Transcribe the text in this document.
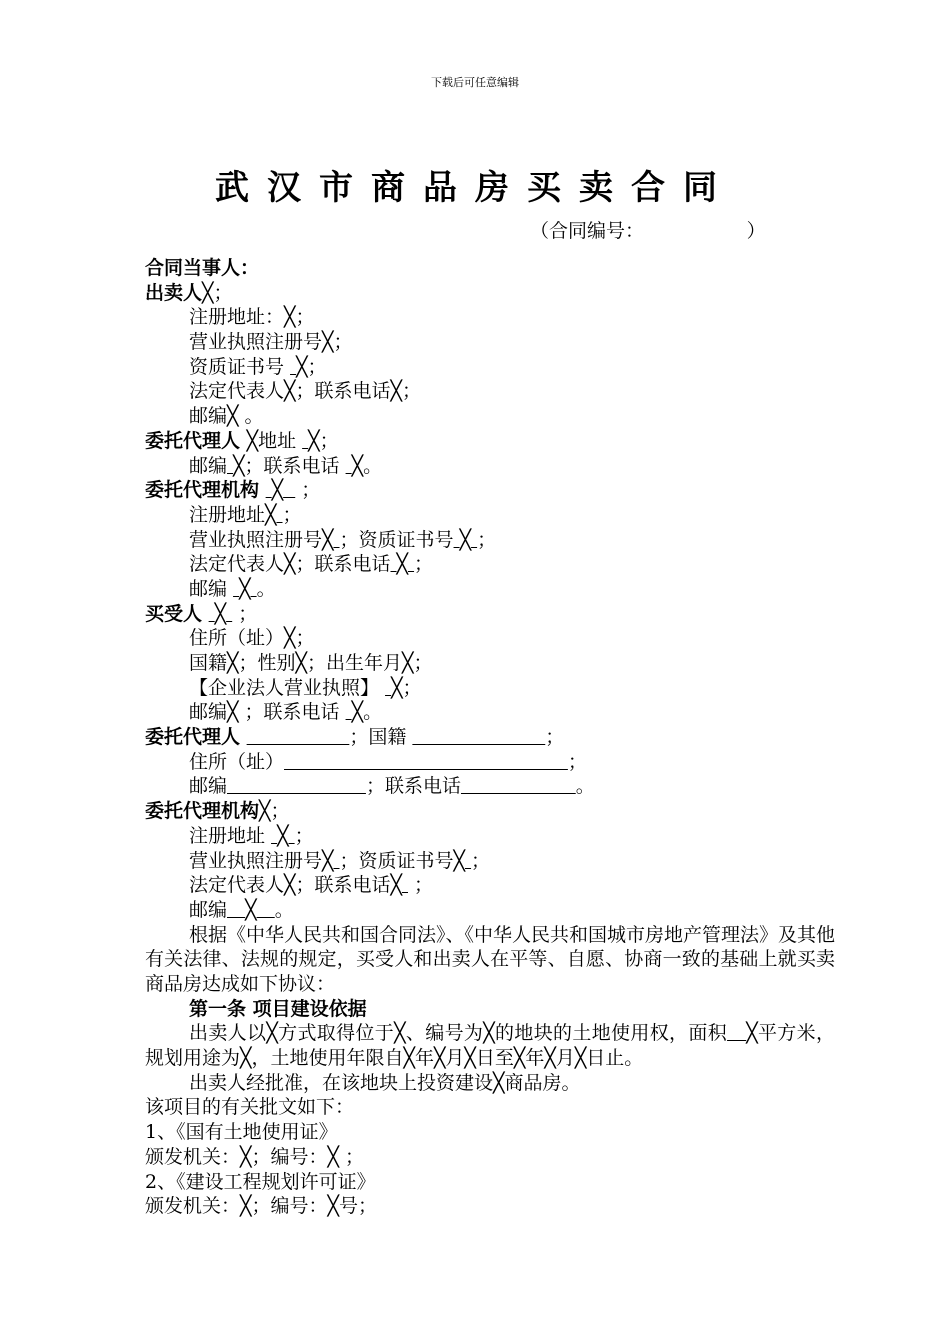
下载后可任意编辑
武汉市商品房买卖合同
（合同编号：                 ）
合同当事人：
出卖人╳；
注册地址：╳；
营业执照注册号╳；
资质证书号  ╳；
法定代表人╳；联系电话╳；
邮编╳ 。
委托代理人 ╳地址  ╳；
邮编 ╳；联系电话  ╳。
委托代理机构  ╳   ；
注册地址╳ ；
营业执照注册号╳ ；资质证书号 ╳ ；
法定代表人╳；联系电话 ╳ ；
邮编  ╳ 。
买受人  ╳  ；
住所（址）╳；
国籍╳；性别╳；出生年月╳；
【企业法人营业执照】  ╳；
邮编╳ ；联系电话  ╳。
委托代理人	；国籍	；
住所（址）	；
邮编	；联系电话	。
委托代理机构╳；
注册地址  ╳ ；
营业执照注册号╳ ；资质证书号╳ ；
法定代表人╳；联系电话╳  ；
邮编 ╳ 。
根据《中华人民共和国合同法》、《中华人民共和国城市房地产管理法》及其他有关法律、法规的规定，买受人和出卖人在平等、自愿、协商一致的基础上就买卖商品房达成如下协议：
第一条 项目建设依据
出卖人以╳方式取得位于╳、编号为╳的地块的土地使用权，面积 ╳平方米，规划用途为╳，土地使用年限自╳年╳月╳日至╳年╳月╳日止。
出卖人经批准，在该地块上投资建设╳商品房。
该项目的有关批文如下：
1、《国有土地使用证》
颁发机关：╳；编号：╳ ；
2、《建设工程规划许可证》
颁发机关：╳；编号：╳号；
